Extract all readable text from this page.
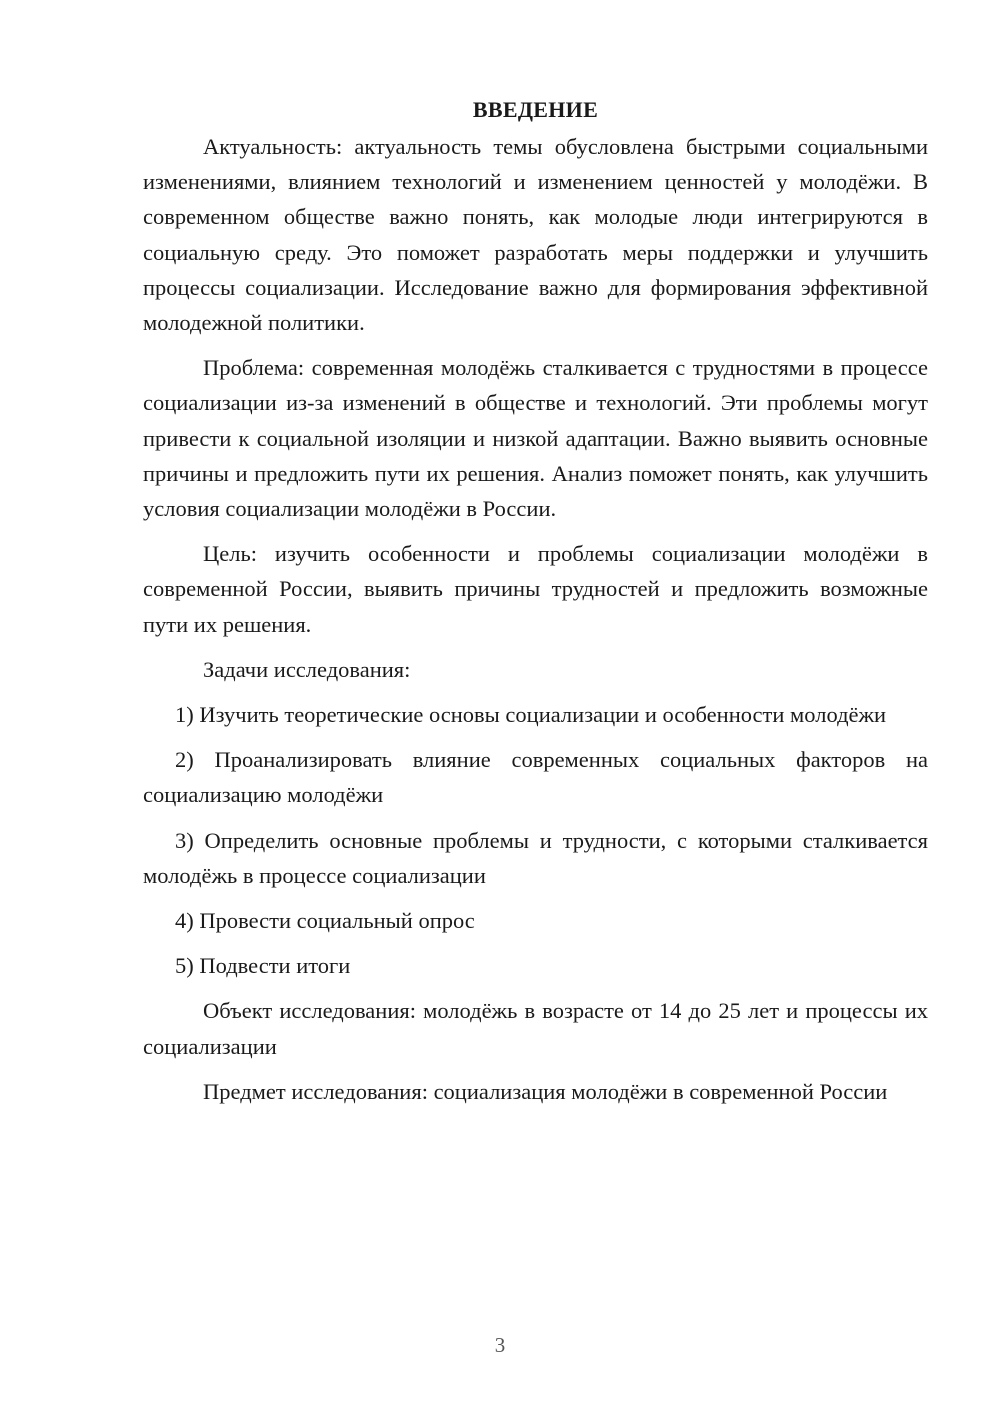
ВВЕДЕНИЕ

Актуальность: актуальность темы обусловлена быстрыми социальными изменениями, влиянием технологий и изменением ценностей у молодёжи. В современном обществе важно понять, как молодые люди интегрируются в социальную среду. Это поможет разработать меры поддержки и улучшить процессы социализации. Исследование важно для формирования эффективной молодежной политики.

Проблема: современная молодёжь сталкивается с трудностями в процессе социализации из-за изменений в обществе и технологий. Эти проблемы могут привести к социальной изоляции и низкой адаптации. Важно выявить основные причины и предложить пути их решения. Анализ поможет понять, как улучшить условия социализации молодёжи в России.

Цель: изучить особенности и проблемы социализации молодёжи в современной России, выявить причины трудностей и предложить возможные пути их решения.

Задачи исследования:

1) Изучить теоретические основы социализации и особенности молодёжи

2) Проанализировать влияние современных социальных факторов на социализацию молодёжи

3) Определить основные проблемы и трудности, с которыми сталкивается молодёжь в процессе социализации

4) Провести социальный опрос

5) Подвести итоги

Объект исследования: молодёжь в возрасте от 14 до 25 лет и процессы их социализации

Предмет исследования: социализация молодёжи в современной России

3
